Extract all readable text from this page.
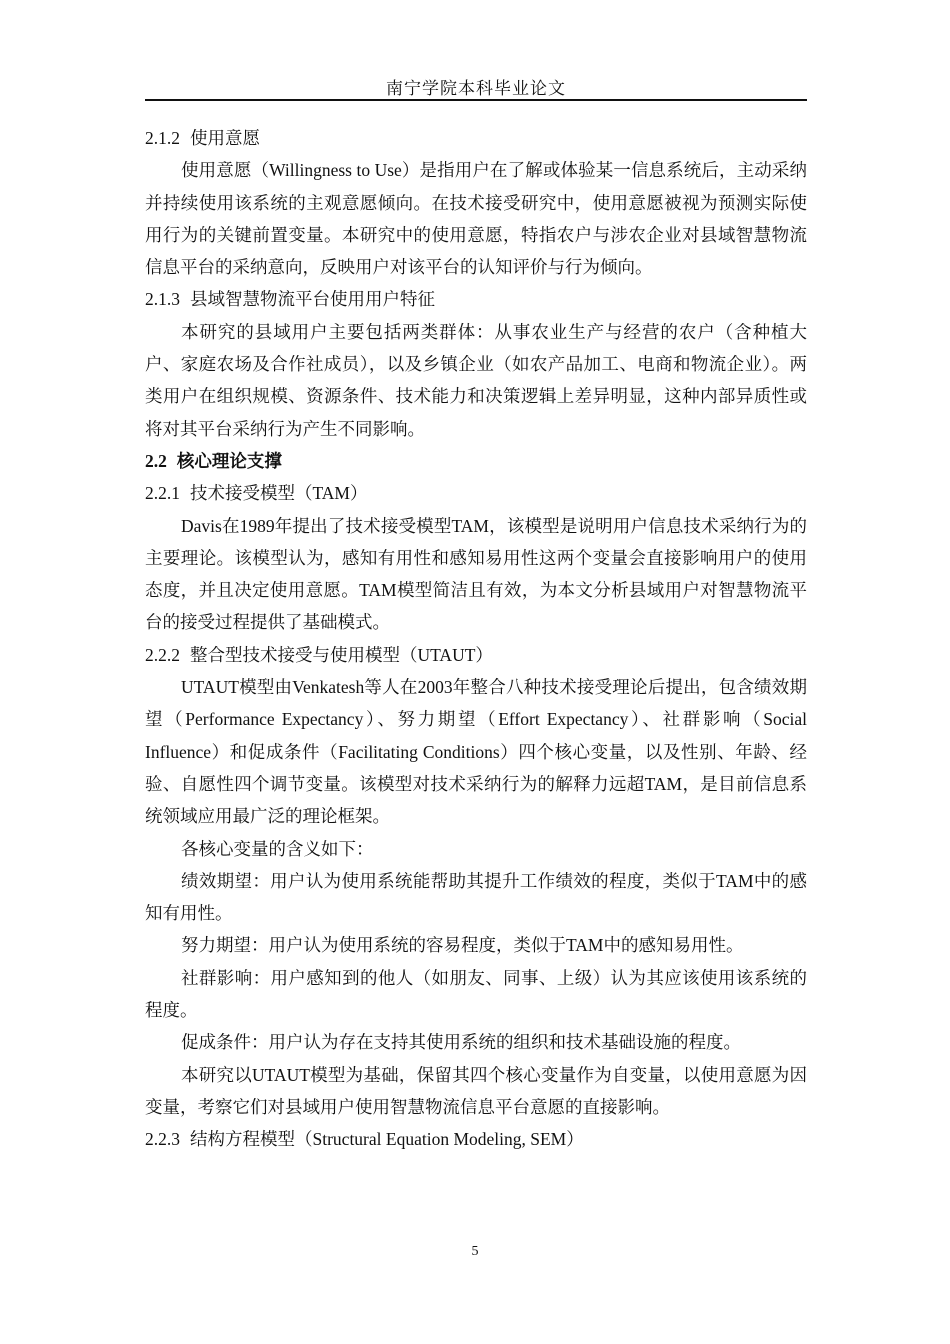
南宁学院本科毕业论文
2.1.2 使用意愿

使用意愿（Willingness to Use）是指用户在了解或体验某一信息系统后，主动采纳并持续使用该系统的主观意愿倾向。在技术接受研究中，使用意愿被视为预测实际使用行为的关键前置变量。本研究中的使用意愿，特指农户与涉农企业对县域智慧物流信息平台的采纳意向，反映用户对该平台的认知评价与行为倾向。

2.1.3 县域智慧物流平台使用用户特征

本研究的县域用户主要包括两类群体：从事农业生产与经营的农户（含种植大户、家庭农场及合作社成员），以及乡镇企业（如农产品加工、电商和物流企业）。两类用户在组织规模、资源条件、技术能力和决策逻辑上差异明显，这种内部异质性或将对其平台采纳行为产生不同影响。

2.2 核心理论支撑
2.2.1 技术接受模型（TAM）

Davis在1989年提出了技术接受模型TAM，该模型是说明用户信息技术采纳行为的主要理论。该模型认为，感知有用性和感知易用性这两个变量会直接影响用户的使用态度，并且决定使用意愿。TAM模型简洁且有效，为本文分析县域用户对智慧物流平台的接受过程提供了基础模式。

2.2.2 整合型技术接受与使用模型（UTAUT）

UTAUT模型由Venkatesh等人在2003年整合八种技术接受理论后提出，包含绩效期望（Performance Expectancy）、努力期望（Effort Expectancy）、社群影响（Social Influence）和促成条件（Facilitating Conditions）四个核心变量，以及性别、年龄、经验、自愿性四个调节变量。该模型对技术采纳行为的解释力远超TAM，是目前信息系统领域应用最广泛的理论框架。

各核心变量的含义如下：

绩效期望：用户认为使用系统能帮助其提升工作绩效的程度，类似于TAM中的感知有用性。

努力期望：用户认为使用系统的容易程度，类似于TAM中的感知易用性。

社群影响：用户感知到的他人（如朋友、同事、上级）认为其应该使用该系统的程度。

促成条件：用户认为存在支持其使用系统的组织和技术基础设施的程度。

本研究以UTAUT模型为基础，保留其四个核心变量作为自变量，以使用意愿为因变量，考察它们对县域用户使用智慧物流信息平台意愿的直接影响。

2.2.3 结构方程模型（Structural Equation Modeling, SEM）
5
